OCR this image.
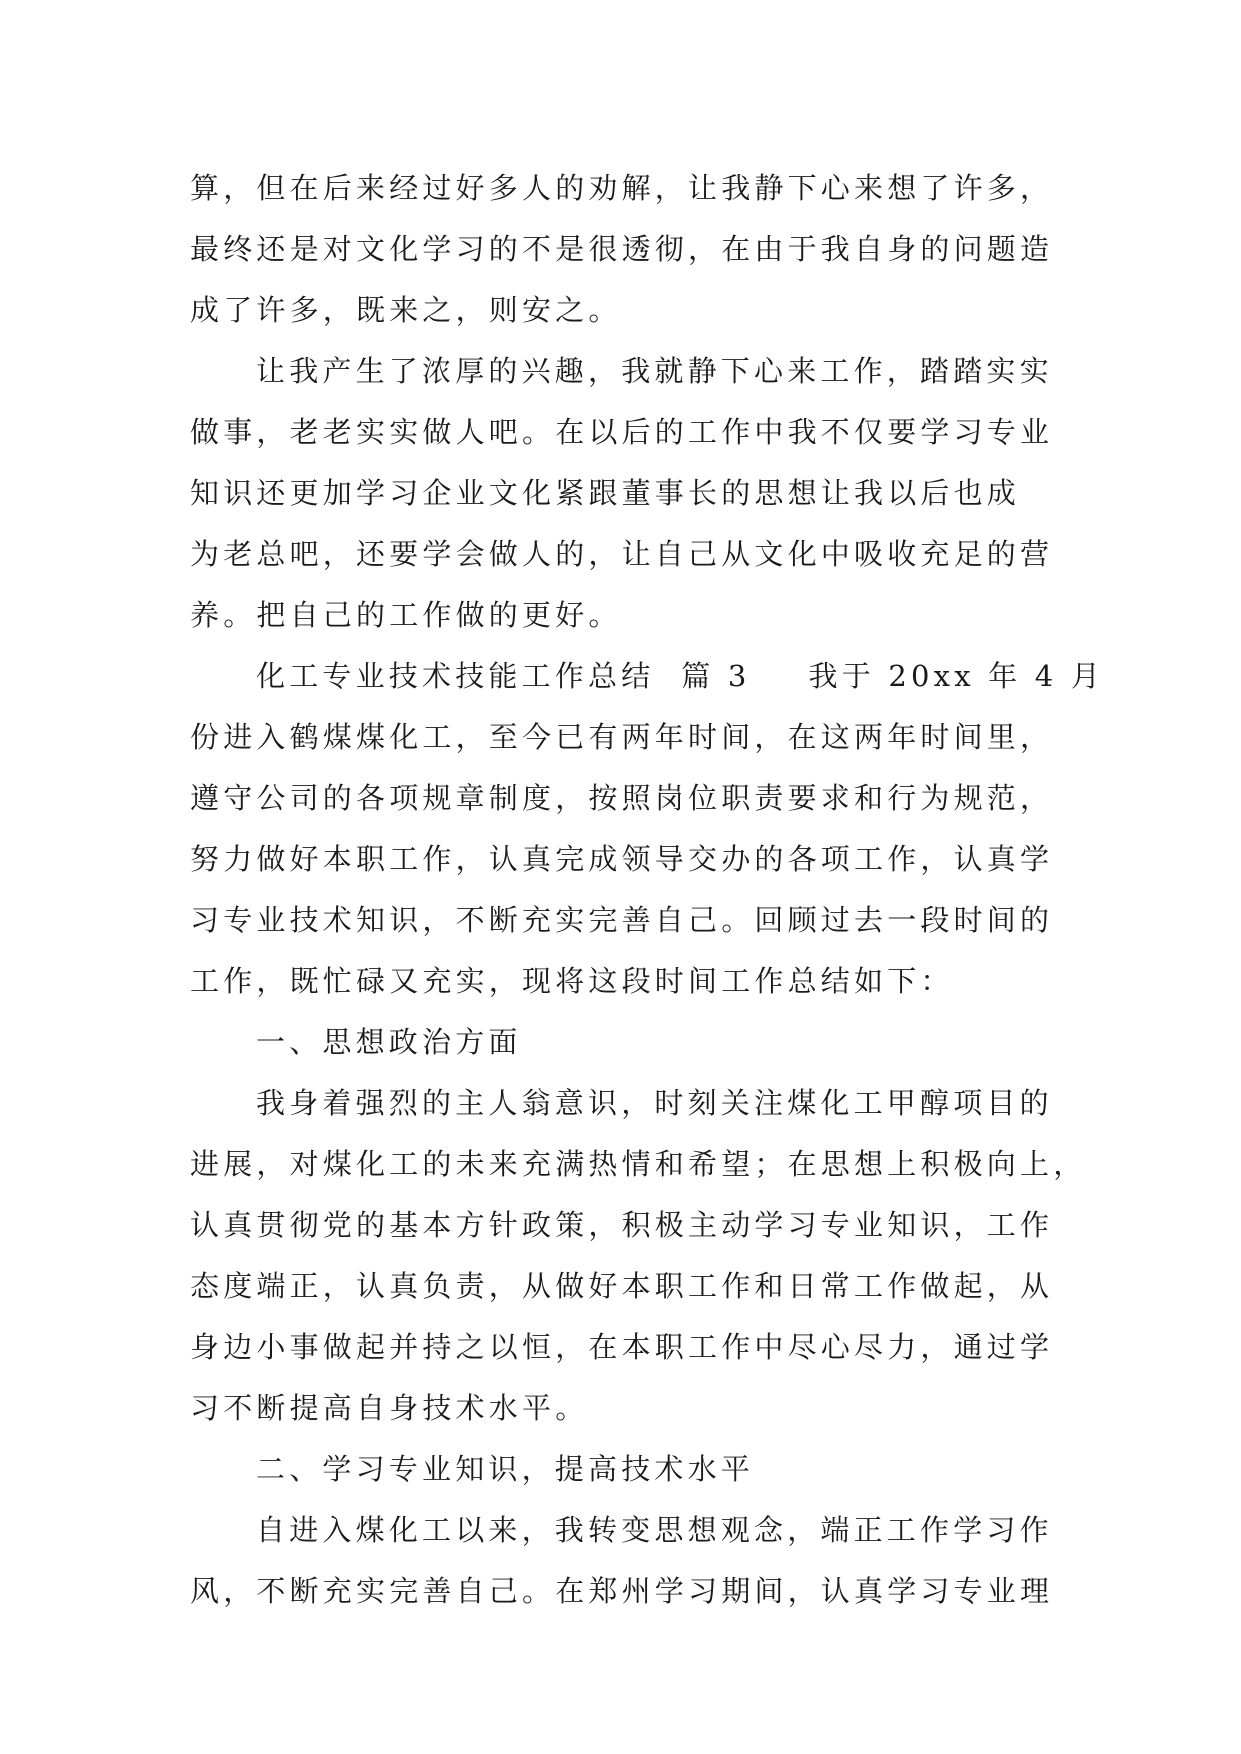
算，但在后来经过好多人的劝解，让我静下心来想了许多，
最终还是对文化学习的不是很透彻，在由于我自身的问题造
成了许多，既来之，则安之。
让我产生了浓厚的兴趣，我就静下心来工作，踏踏实实
做事，老老实实做人吧。在以后的工作中我不仅要学习专业
知识还更加学习企业文化紧跟董事长的思想让我以后也成
为老总吧，还要学会做人的，让自己从文化中吸收充足的营
养。把自己的工作做的更好。
化工专业技术技能工作总结  篇 3 我于 20xx 年 4 月
份进入鹤煤煤化工，至今已有两年时间，在这两年时间里，
遵守公司的各项规章制度，按照岗位职责要求和行为规范，
努力做好本职工作，认真完成领导交办的各项工作，认真学
习专业技术知识，不断充实完善自己。回顾过去一段时间的
工作，既忙碌又充实，现将这段时间工作总结如下：
一、思想政治方面
我身着强烈的主人翁意识，时刻关注煤化工甲醇项目的
进展，对煤化工的未来充满热情和希望；在思想上积极向上，
认真贯彻党的基本方针政策，积极主动学习专业知识，工作
态度端正，认真负责，从做好本职工作和日常工作做起，从
身边小事做起并持之以恒，在本职工作中尽心尽力，通过学
习不断提高自身技术水平。
二、学习专业知识，提高技术水平
自进入煤化工以来，我转变思想观念，端正工作学习作
风，不断充实完善自己。在郑州学习期间，认真学习专业理
